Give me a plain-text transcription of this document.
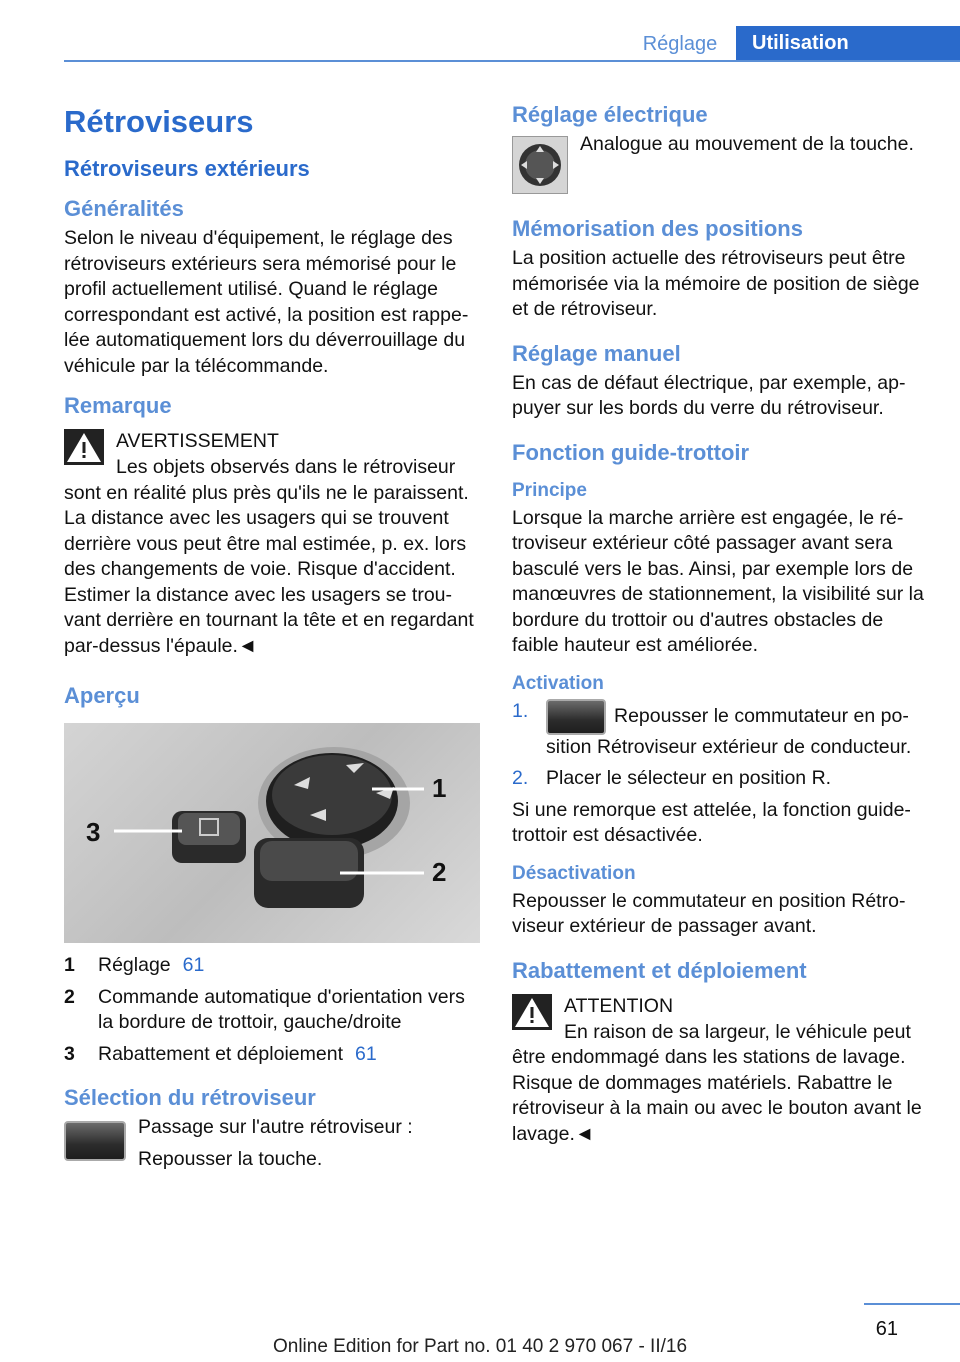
Réglage	Utilisation
Rétroviseurs
Rétroviseurs extérieurs
Généralités

Selon le niveau d'équipement, le réglage des rétroviseurs extérieurs sera mémorisé pour le profil actuellement utilisé. Quand le réglage correspondant est activé, la position est rappelée automatiquement lors du déverrouillage du véhicule par la télécommande.

Remarque
AVERTISSEMENT

Les objets observés dans le rétroviseur sont en réalité plus près qu'ils ne le paraissent. La distance avec les usagers qui se trouvent derrière vous peut être mal estimée, p. ex. lors des changements de voie. Risque d'accident. Estimer la distance avec les usagers se trouvant derrière en tournant la tête et en regardant par-dessus l'épaule.◄

Aperçu
1
2
3
1	Réglage 61
2	Commande automatique d'orientation vers la bordure de trottoir, gauche/droite
3	Rabattement et déploiement 61
Sélection du rétroviseur

Passage sur l'autre rétroviseur :

Repousser la touche.

Réglage électrique

Analogue au mouvement de la touche.

Mémorisation des positions

La position actuelle des rétroviseurs peut être mémorisée via la mémoire de position de siège et de rétroviseur.

Réglage manuel

En cas de défaut électrique, par exemple, appuyer sur les bords du verre du rétroviseur.

Fonction guide-trottoir
Principe

Lorsque la marche arrière est engagée, le rétroviseur extérieur côté passager avant sera basculé vers le bas. Ainsi, par exemple lors de manœuvres de stationnement, la visibilité sur la bordure du trottoir ou d'autres obstacles de faible hauteur est améliorée.

Activation
1.	Repousser le commutateur en position Rétroviseur extérieur de conducteur.
2. Placer le sélecteur en position R.

Si une remorque est attelée, la fonction guide-trottoir est désactivée.

Désactivation

Repousser le commutateur en position Rétroviseur extérieur de passager avant.

Rabattement et déploiement
ATTENTION

En raison de sa largeur, le véhicule peut être endommagé dans les stations de lavage. Risque de dommages matériels. Rabattre le rétroviseur à la main ou avec le bouton avant le lavage.◄

61
Online Edition for Part no. 01 40 2 970 067 - II/16
